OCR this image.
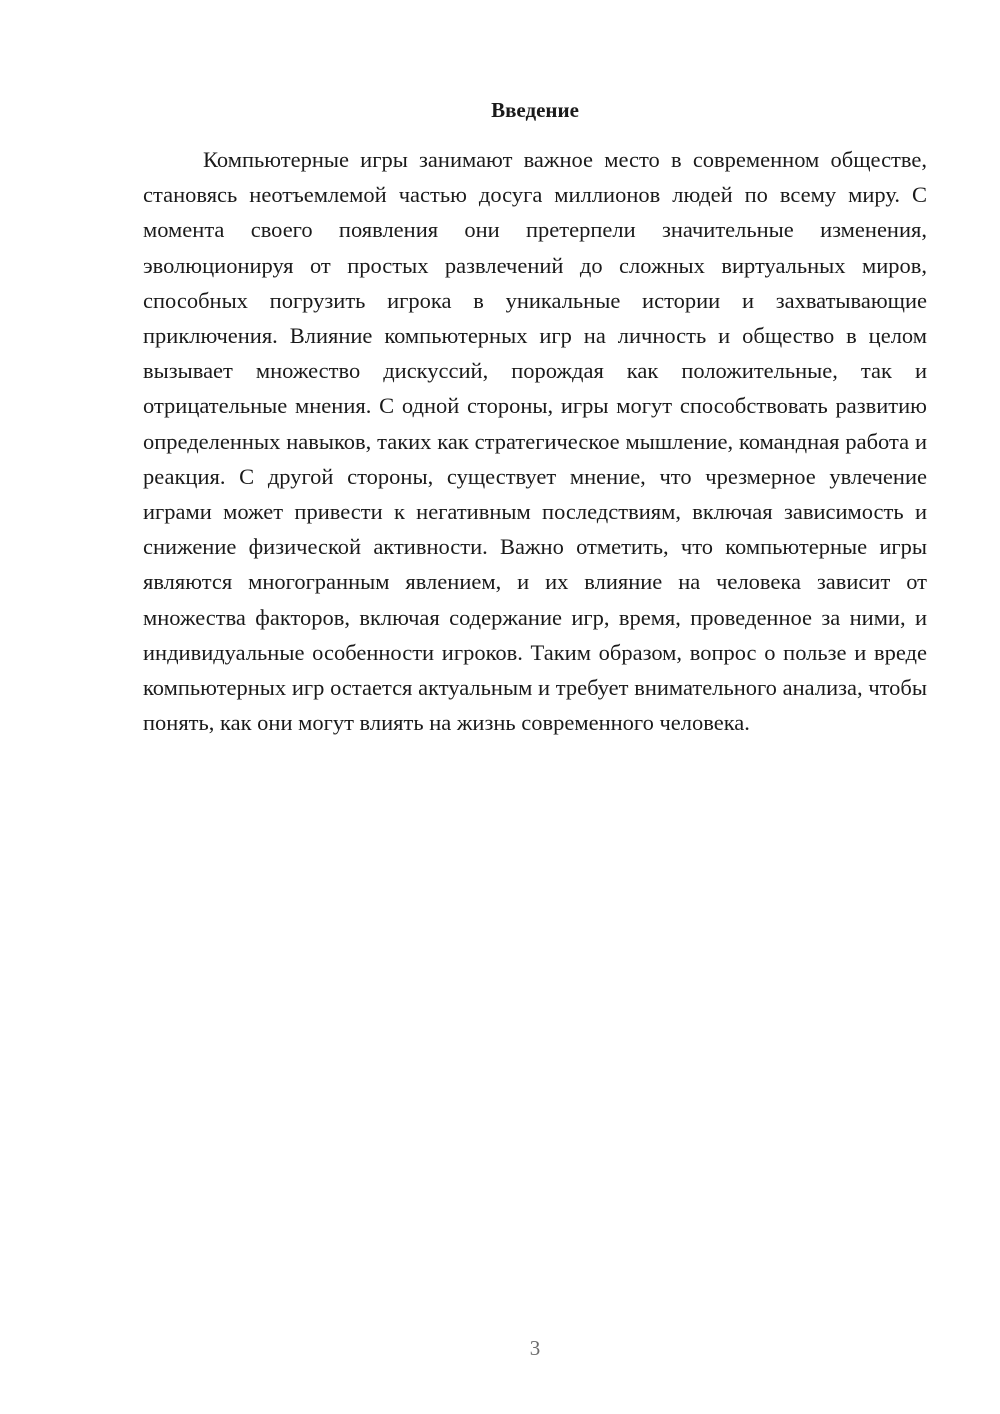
Введение

Компьютерные игры занимают важное место в современном обществе, становясь неотъемлемой частью досуга миллионов людей по всему миру. С момента своего появления они претерпели значительные изменения, эволюционируя от простых развлечений до сложных виртуальных миров, способных погрузить игрока в уникальные истории и захватывающие приключения. Влияние компьютерных игр на личность и общество в целом вызывает множество дискуссий, порождая как положительные, так и отрицательные мнения. С одной стороны, игры могут способствовать развитию определенных навыков, таких как стратегическое мышление, командная работа и реакция. С другой стороны, существует мнение, что чрезмерное увлечение играми может привести к негативным последствиям, включая зависимость и снижение физической активности. Важно отметить, что компьютерные игры являются многогранным явлением, и их влияние на человека зависит от множества факторов, включая содержание игр, время, проведенное за ними, и индивидуальные особенности игроков. Таким образом, вопрос о пользе и вреде компьютерных игр остается актуальным и требует внимательного анализа, чтобы понять, как они могут влиять на жизнь современного человека.

3
